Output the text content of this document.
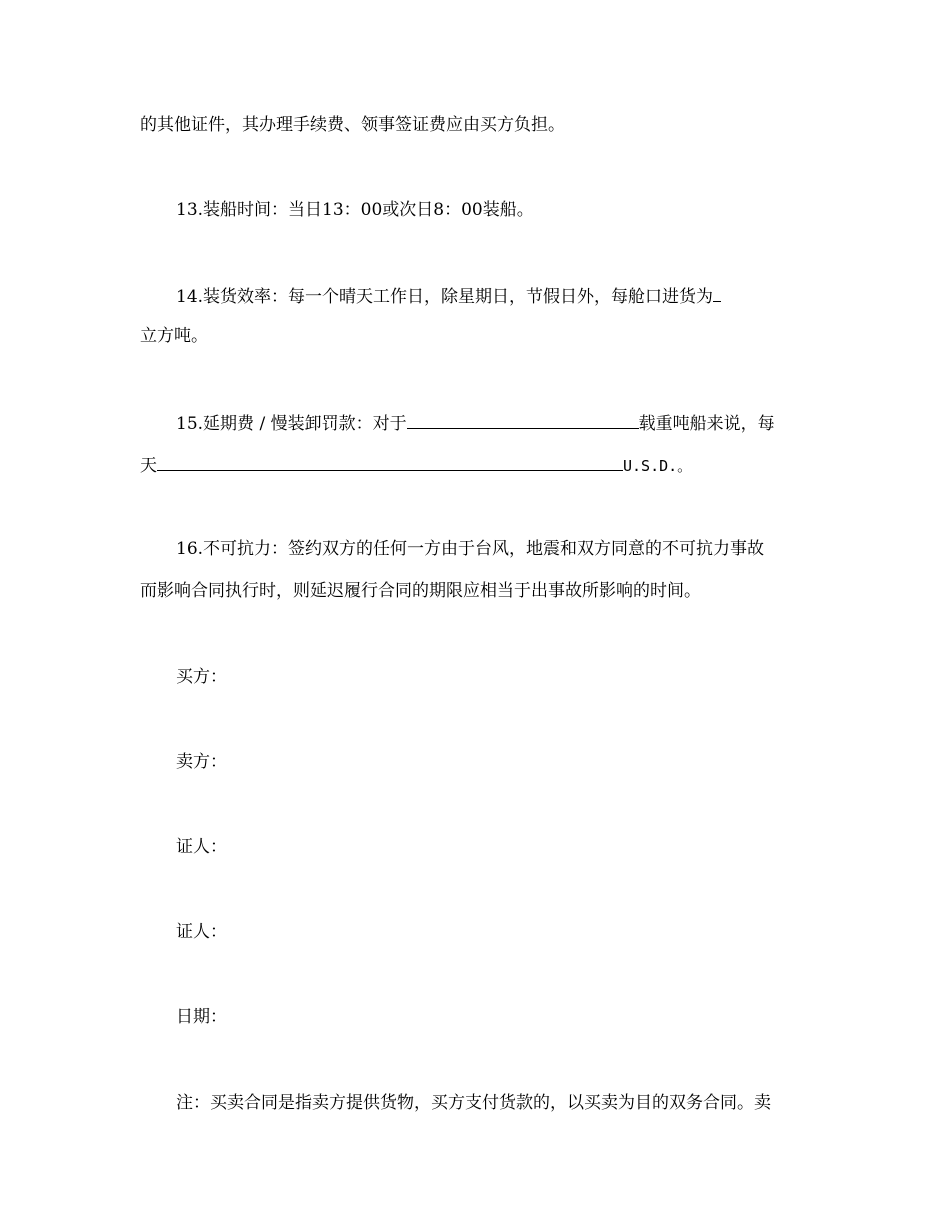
的其他证件，其办理手续费、领事签证费应由买方负担。
13.装船时间：当日13：00或次日8：00装船。
14.装货效率：每一个晴天工作日，除星期日，节假日外，每舱口进货为
立方吨。
15.延期费 / 慢装卸罚款：对于	载重吨船来说，每
天	U.S.D.。
16.不可抗力：签约双方的任何一方由于台风，地震和双方同意的不可抗力事故
而影响合同执行时，则延迟履行合同的期限应相当于出事故所影响的时间。
买方：
卖方：
证人：
证人：
日期：
注：买卖合同是指卖方提供货物，买方支付货款的，以买卖为目的双务合同。卖
